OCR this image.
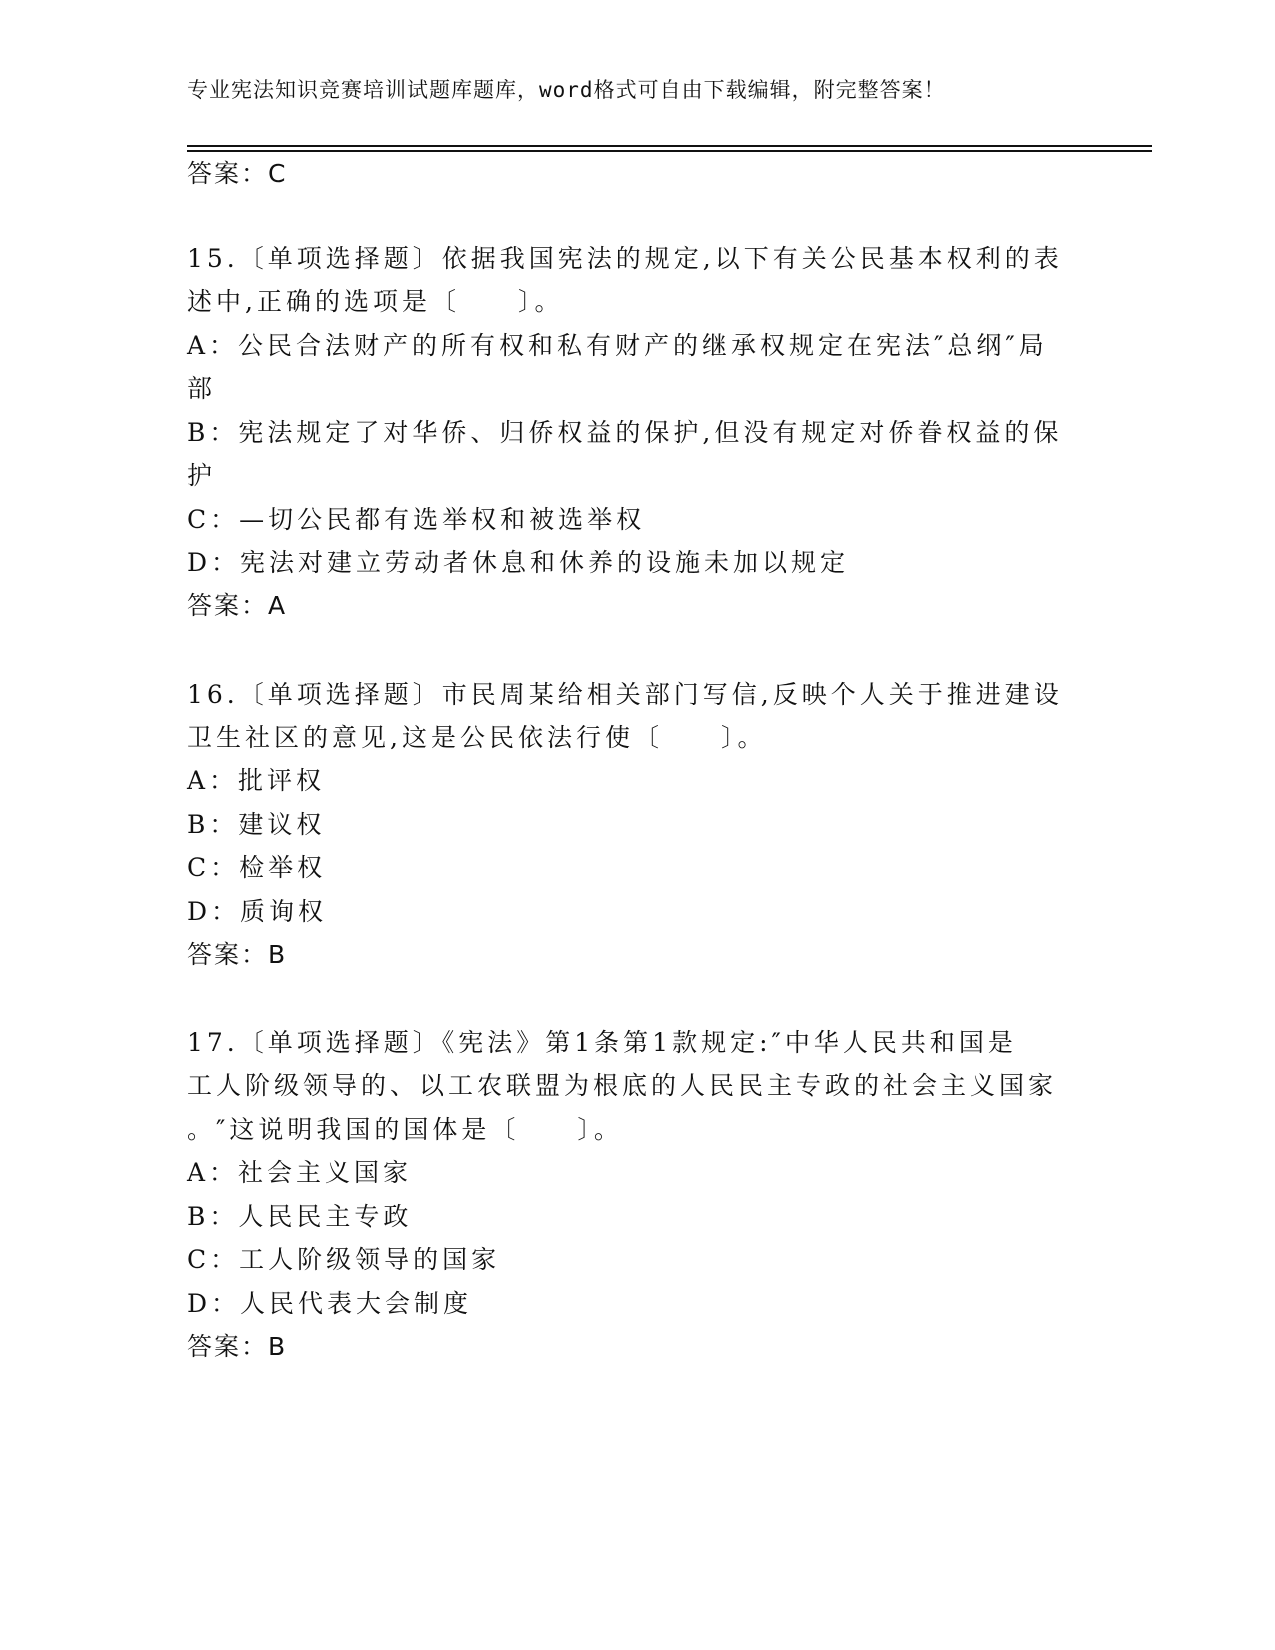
专业宪法知识竞赛培训试题库题库，word格式可自由下载编辑，附完整答案！
答案：C
15.〔单项选择题〕依据我国宪法的规定,以下有关公民基本权利的表
述中,正确的选项是〔　　〕。
A：公民合法财产的所有权和私有财产的继承权规定在宪法″总纲″局
部
B：宪法规定了对华侨、归侨权益的保护,但没有规定对侨眷权益的保
护
C：—切公民都有选举权和被选举权
D：宪法对建立劳动者休息和休养的设施未加以规定
答案：A
16.〔单项选择题〕市民周某给相关部门写信,反映个人关于推进建设
卫生社区的意见,这是公民依法行使〔　　〕。
A：批评权
B：建议权
C：检举权
D：质询权
答案：B
17.〔单项选择题〕《宪法》第1条第1款规定:″中华人民共和国是
工人阶级领导的、以工农联盟为根底的人民民主专政的社会主义国家
。″这说明我国的国体是〔　　〕。
A：社会主义国家
B：人民民主专政
C：工人阶级领导的国家
D：人民代表大会制度
答案：B
